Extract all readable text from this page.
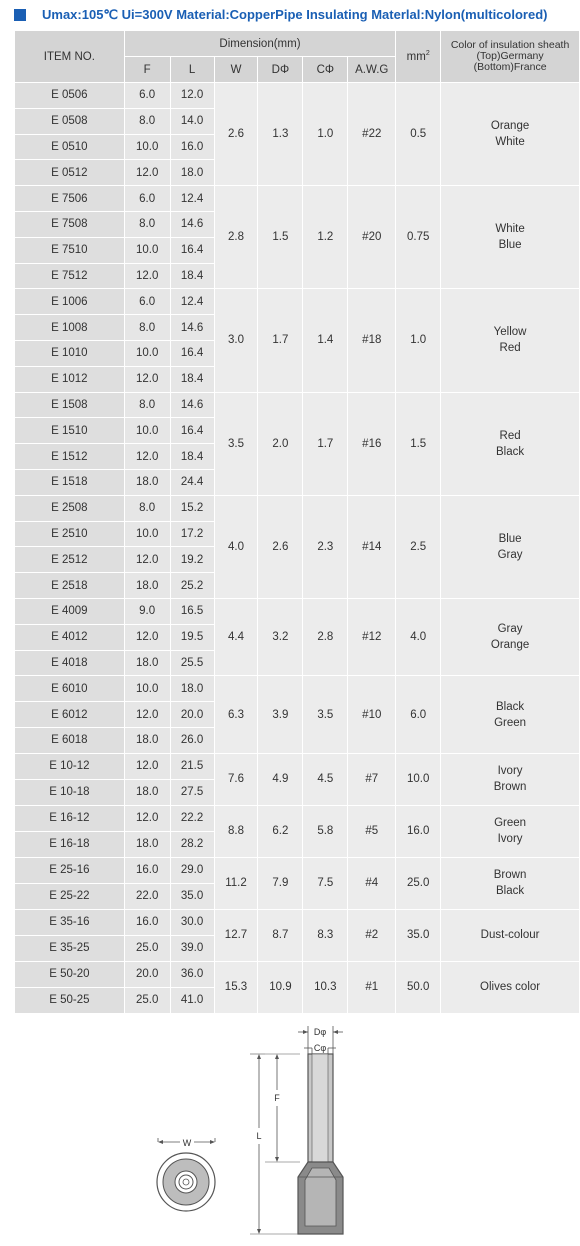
Umax:105℃ Ui=300V Material:CopperPipe Insulating Materlal:Nylon(multicolored)
ITEM NO.	Dimension(mm)						$mm^2$	Color of insulation sheath
(Top)Germany
(Bottom)France

	F	L	W	DΦ	CΦ	A.W.G		
E 0506	6.0	12.0	2.6	1.3	1.0	#22	0.5	Orange
White

E 0508	8.0	14.0						
E 0510	10.0	16.0						
E 0512	12.0	18.0						
E 7506	6.0	12.4	2.8	1.5	1.2	#20	0.75	White
Blue

E 7508	8.0	14.6						
E 7510	10.0	16.4						
E 7512	12.0	18.4						
E 1006	6.0	12.4	3.0	1.7	1.4	#18	1.0	Yellow
Red

E 1008	8.0	14.6						
E 1010	10.0	16.4						
E 1012	12.0	18.4						
E 1508	8.0	14.6	3.5	2.0	1.7	#16	1.5	Red
Black

E 1510	10.0	16.4						
E 1512	12.0	18.4						
E 1518	18.0	24.4						
E 2508	8.0	15.2	4.0	2.6	2.3	#14	2.5	Blue
Gray

E 2510	10.0	17.2						
E 2512	12.0	19.2						
E 2518	18.0	25.2						
E 4009	9.0	16.5	4.4	3.2	2.8	#12	4.0	Gray
Orange

E 4012	12.0	19.5						
E 4018	18.0	25.5						
E 6010	10.0	18.0	6.3	3.9	3.5	#10	6.0	Black
Green

E 6012	12.0	20.0						
E 6018	18.0	26.0						
E 10-12	12.0	21.5	7.6	4.9	4.5	#7	10.0	Ivory
Brown

E 10-18	18.0	27.5						
E 16-12	12.0	22.2	8.8	6.2	5.8	#5	16.0	Green
Ivory

E 16-18	18.0	28.2						
E 25-16	16.0	29.0	11.2	7.9	7.5	#4	25.0	Brown
Black

E 25-22	22.0	35.0						
E 35-16	16.0	30.0	12.7	8.7	8.3	#2	35.0	Dust-colour

E 35-25	25.0	39.0						
E 50-20	20.0	36.0	15.3	10.9	10.3	#1	50.0	Olives color

E 50-25	25.0	41.0						
W
Dφ
Cφ
F
L
